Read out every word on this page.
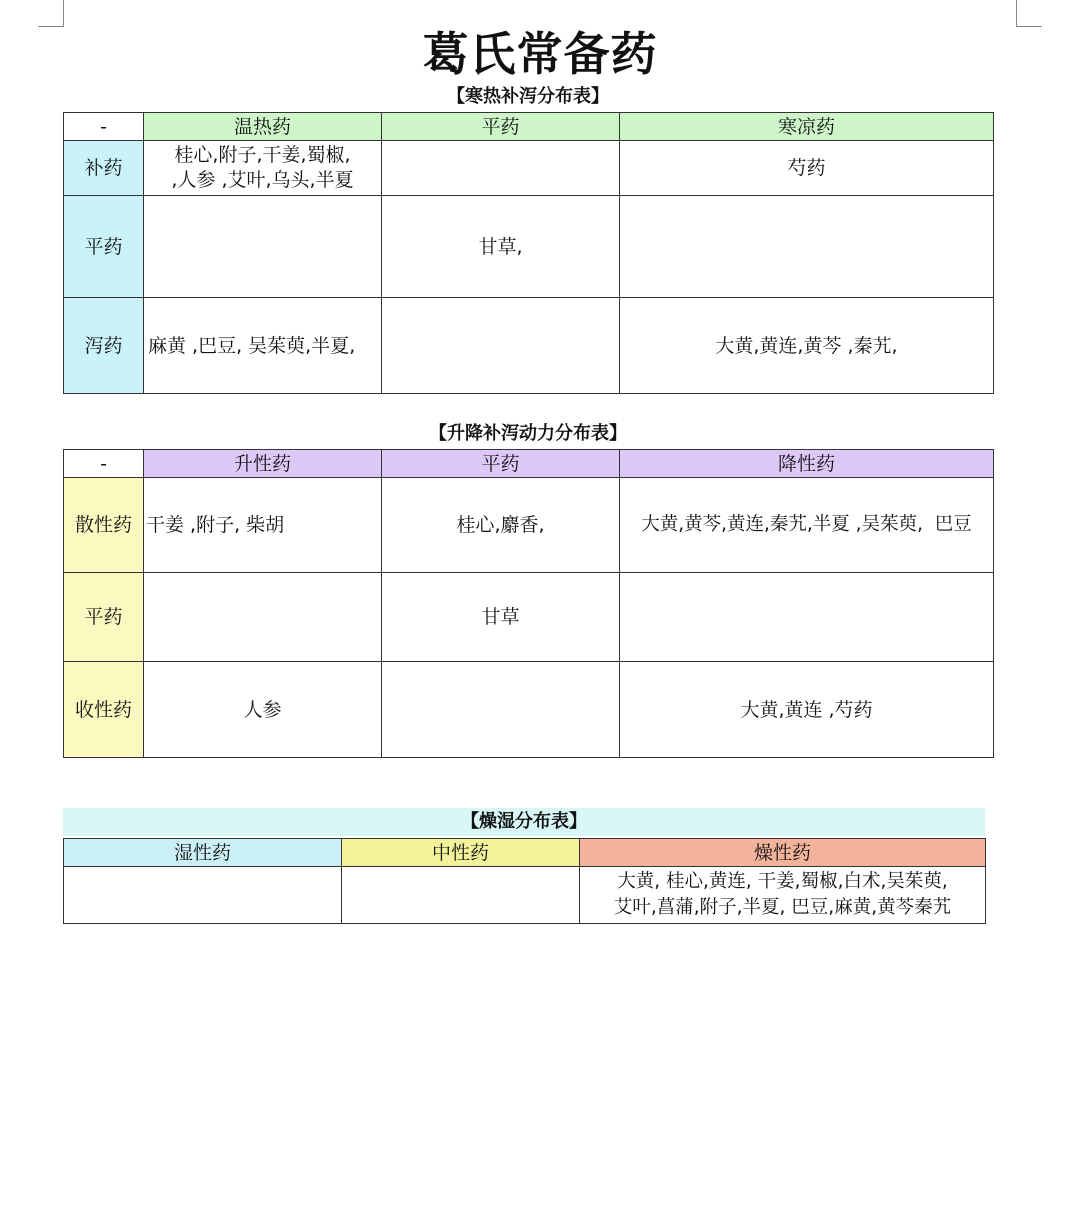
葛氏常备药
【寒热补泻分布表】
-	温热药	平药	寒凉药
补药	桂心,附子,干姜,蜀椒,
,人参 ,艾叶,乌头,半夏		芍药
平药		甘草,	
泻药	麻黄 ,巴豆, 吴茱萸,半夏,		大黄,黄连,黄芩 ,秦艽,
【升降补泻动力分布表】
-	升性药	平药	降性药
散性药	干姜 ,附子, 柴胡	桂心,麝香,	大黄,黄芩,黄连,秦艽,半夏 ,吴茱萸,  巴豆
平药		甘草	
收性药	人参		大黄,黄连 ,芍药
【燥湿分布表】
湿性药	中性药	燥性药
		大黄, 桂心,黄连, 干姜,蜀椒,白术,吴茱萸,
艾叶,菖蒲,附子,半夏, 巴豆,麻黄,黄芩秦艽
